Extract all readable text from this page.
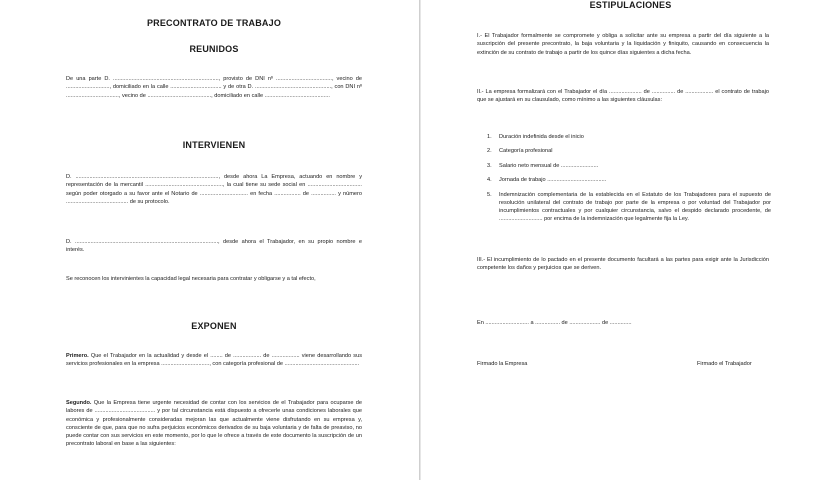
PRECONTRATO DE TRABAJO
REUNIDOS
De una parte D. ...................................................................., provisto de DNI nº ...................................., vecino de ............................, domiciliado en la calle ................................. y de otra D. ................................................., con DNI nº .................................., vecino de ........................................., domiciliado en calle ..........................................
INTERVIENEN
D. ............................................................................................, desde ahora La Empresa, actuando en nombre y representación de la mercantil .................................................., la cual tiene su sede social en ................................... según poder otorgado a su favor ante el Notario de ............................... en fecha ................. de ................ y número ........................................ de su protocolo.
D. ............................................................................................, desde ahora el Trabajador, en su propio nombre e interés.
Se reconocen los intervinientes la capacidad legal necesaria para contratar y obligarse y a tal efecto,
EXPONEN
Primero. Que el Trabajador en la actualidad y desde el ........ de .................. de .................. viene desarrollando sus servicios profesionales en la empresa ..............................., con categoría profesional de ................................................
Segundo. Que la Empresa tiene urgente necesidad de contar con los servicios de el Trabajador para ocuparse de labores de ....................................... y por tal circunstancia está dispuesto a ofrecerle unas condiciones laborales que económica y profesionalmente consideradas mejoran las que actualmente viene disfrutando en su empresa y, consciente de que, para que no sufra perjuicios económicos derivados de su baja voluntaria y de falta de preaviso, no puede contar con sus servicios en este momento, por lo que le ofrece a través de este documento la suscripción de un precontrato laboral en base a las siguientes:
ESTIPULACIONES
I.- El Trabajador formalmente se compromete y obliga a solicitar ante su empresa a partir del día siguiente a la suscripción del presente precontrato, la baja voluntaria y la liquidación y finiquito, causando en consecuencia la extinción de su contrato de trabajo a partir de los quince días siguientes a dicha fecha.
II.- La empresa formalizará con el Trabajador el día ..................... de ............... de .................. el contrato de trabajo que se ajustará en su clausulado, como mínimo a las siguientes cláusulas:
1.	Duración indefinida desde el inicio
2.	Categoría profesional
3.	Salario neto mensual de ........................
4.	Jornada de trabajo ......................................
5.	Indemnización complementaria de la establecida en el Estatuto de los Trabajadores para el supuesto de resolución unilateral del contrato de trabajo por parte de la empresa o por voluntad del Trabajador por incumplimientos contractuales y por cualquier circunstancia, salvo el despido declarado procedente, de ............................ por encima de la indemnización que legalmente fija la Ley.
III.- El incumplimiento de lo pactado en el presente documento facultará a las partes para exigir ante la Jurisdicción competente los daños y perjuicios que se deriven.
En ............................ a ................ de .................... de ..............
Firmado la Empresa	Firmado el Trabajador
